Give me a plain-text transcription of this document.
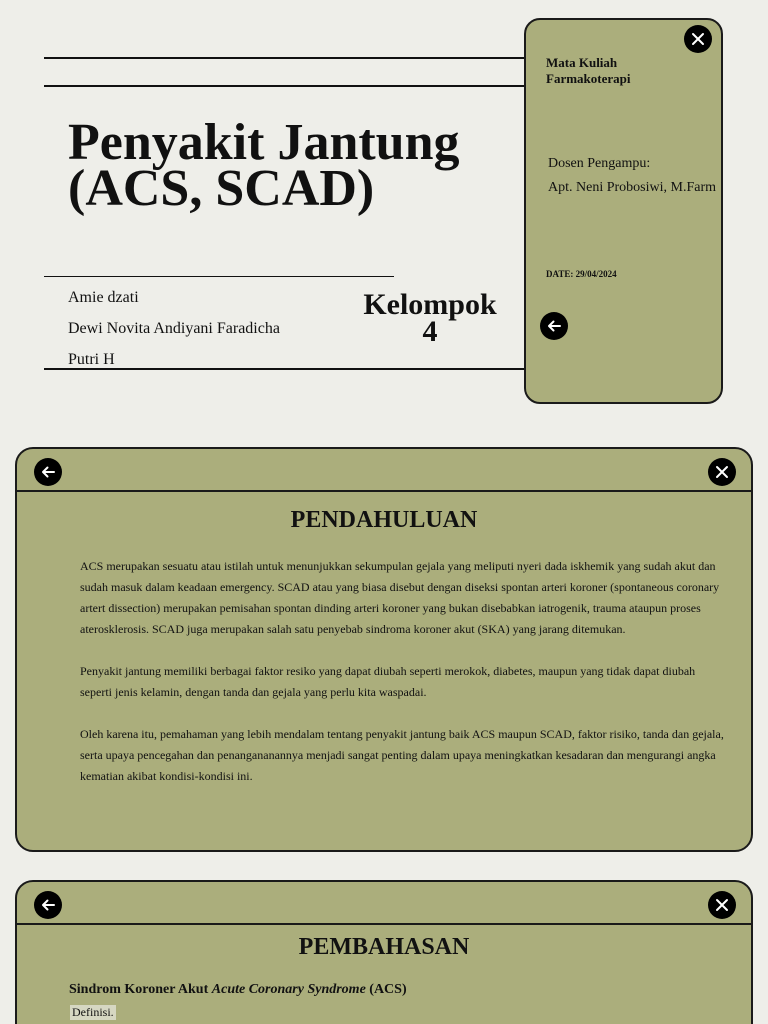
Penyakit Jantung (ACS, SCAD)
Amie dzati
Dewi Novita Andiyani Faradicha
Putri H
Kelompok
4
Mata Kuliah
Farmakoterapi
Dosen Pengampu:
Apt. Neni Probosiwi, M.Farm
DATE: 29/04/2024
PENDAHULUAN

ACS merupakan sesuatu atau istilah untuk menunjukkan sekumpulan gejala yang meliputi nyeri dada iskhemik yang sudah akut dan sudah masuk dalam keadaan emergency. SCAD atau yang biasa disebut dengan diseksi spontan arteri koroner (spontaneous coronary artert dissection) merupakan pemisahan spontan dinding arteri koroner yang bukan disebabkan iatrogenik, trauma ataupun proses aterosklerosis. SCAD juga merupakan salah satu penyebab sindroma koroner akut (SKA) yang jarang ditemukan.

Penyakit jantung memiliki berbagai faktor resiko yang dapat diubah seperti merokok, diabetes, maupun yang tidak dapat diubah seperti jenis kelamin, dengan tanda dan gejala yang perlu kita waspadai.

Oleh karena itu, pemahaman yang lebih mendalam tentang penyakit jantung baik ACS maupun SCAD, faktor risiko, tanda dan gejala, serta upaya pencegahan dan penangananannya menjadi sangat penting dalam upaya meningkatkan kesadaran dan mengurangi angka kematian akibat kondisi-kondisi ini.

PEMBAHASAN
Sindrom Koroner Akut Acute Coronary Syndrome (ACS)
Definisi.
